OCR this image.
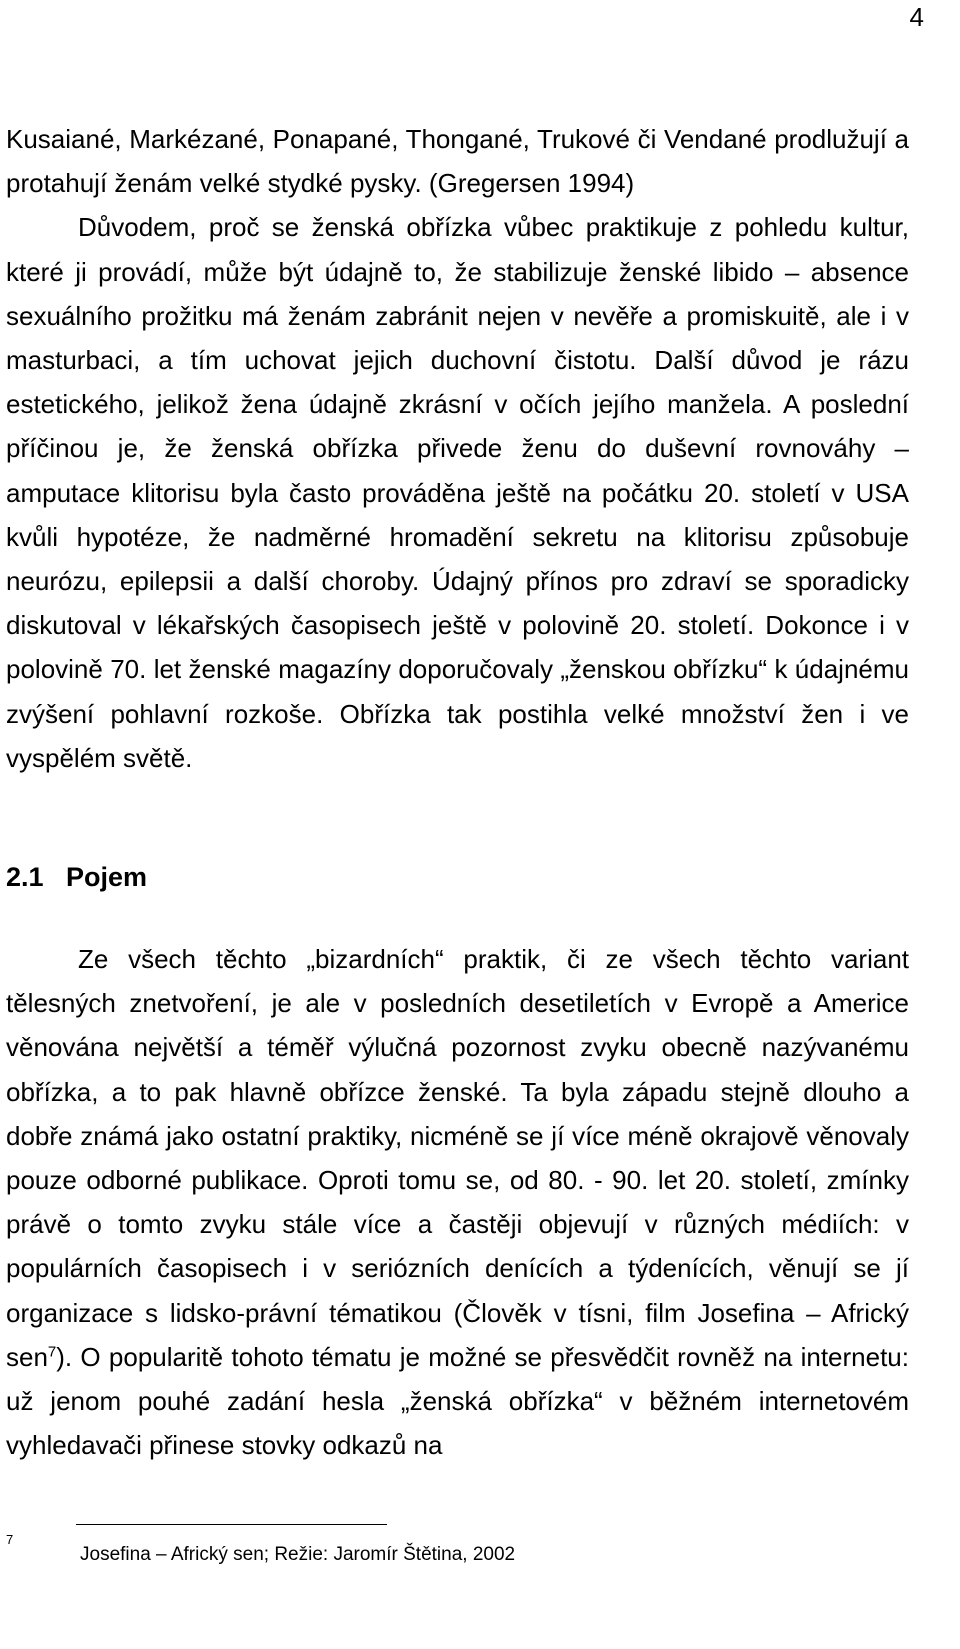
4

Kusaiané, Markézané, Ponapané, Thongané, Trukové či Vendané prodlužují a protahují ženám velké stydké pysky. (Gregersen 1994)

Důvodem, proč se ženská obřízka vůbec praktikuje z pohledu kultur, které ji provádí, může být údajně to, že stabilizuje ženské libido – absence sexuálního prožitku má ženám zabránit nejen v nevěře a promiskuitě, ale i v masturbaci, a tím uchovat jejich duchovní čistotu. Další důvod je rázu estetického, jelikož žena údajně zkrásní v očích jejího manžela. A poslední příčinou je, že ženská obřízka přivede ženu do duševní rovnováhy – amputace klitorisu byla často prováděna ještě na počátku 20. století v USA kvůli hypotéze, že nadměrné hromadění sekretu na klitorisu způsobuje neurózu, epilepsii a další choroby. Údajný přínos pro zdraví se sporadicky diskutoval v lékařských časopisech ještě v polovině 20. století. Dokonce i v polovině 70. let ženské magazíny doporučovaly „ženskou obřízku“ k údajnému zvýšení pohlavní rozkoše. Obřízka tak postihla velké množství žen i ve vyspělém světě.

2.1 Pojem

Ze všech těchto „bizardních“ praktik, či ze všech těchto variant tělesných znetvoření, je ale v posledních desetiletích v Evropě a Americe věnována největší a téměř výlučná pozornost zvyku obecně nazývanému obřízka, a to pak hlavně obřízce ženské. Ta byla západu stejně dlouho a dobře známá jako ostatní praktiky, nicméně se jí více méně okrajově věnovaly pouze odborné publikace. Oproti tomu se, od 80. - 90. let 20. století, zmínky právě o tomto zvyku stále více a častěji objevují v různých médiích: v populárních časopisech i v seriózních denících a týdenících, věnují se jí organizace s lidsko-právní tématikou (Člověk v tísni, film Josefina – Africký sen$^7$). O popularitě tohoto tématu je možné se přesvědčit rovněž na internetu: už jenom pouhé zadání hesla „ženská obřízka“ v běžném internetovém vyhledavači přinese stovky odkazů na

7
Josefina – Africký sen; Režie: Jaromír Štětina, 2002
